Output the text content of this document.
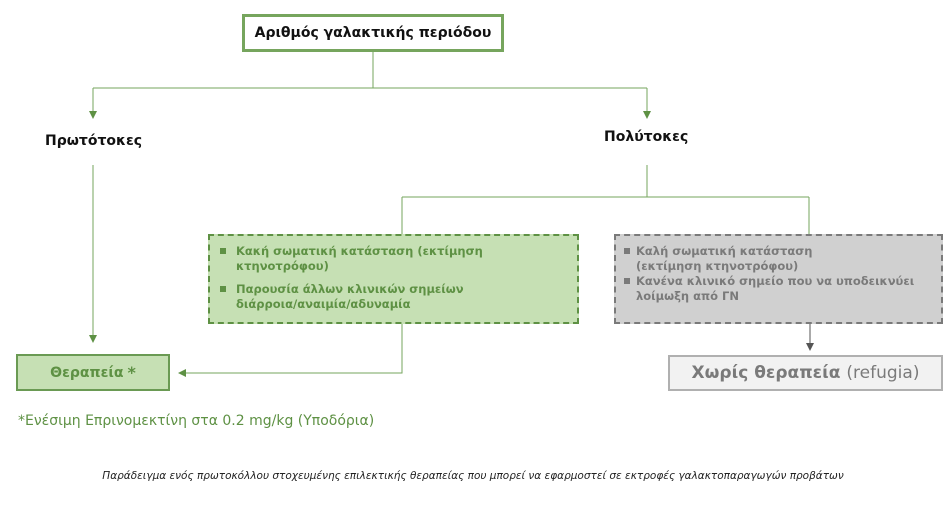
Αριθμός γαλακτικής περιόδου
Πρωτότοκες	Πολύτοκες
Κακή σωματική κατάσταση (εκτίμηση κτηνοτρόφου)
Παρουσία άλλων κλινικών σημείων διάρροια/αναιμία/αδυναμία
Καλή σωματική κατάσταση (εκτίμηση κτηνοτρόφου)
Κανένα κλινικό σημείο που να υποδεικνύει λοίμωξη από ΓΝ
Θεραπεία *	Χωρίς θεραπεία (refugia)
*Ενέσιμη Επρινομεκτίνη στα 0.2 mg/kg (Υποδόρια)
Παράδειγμα ενός πρωτοκόλλου στοχευμένης επιλεκτικής θεραπείας που μπορεί να εφαρμοστεί σε εκτροφές γαλακτοπαραγωγών προβάτων
